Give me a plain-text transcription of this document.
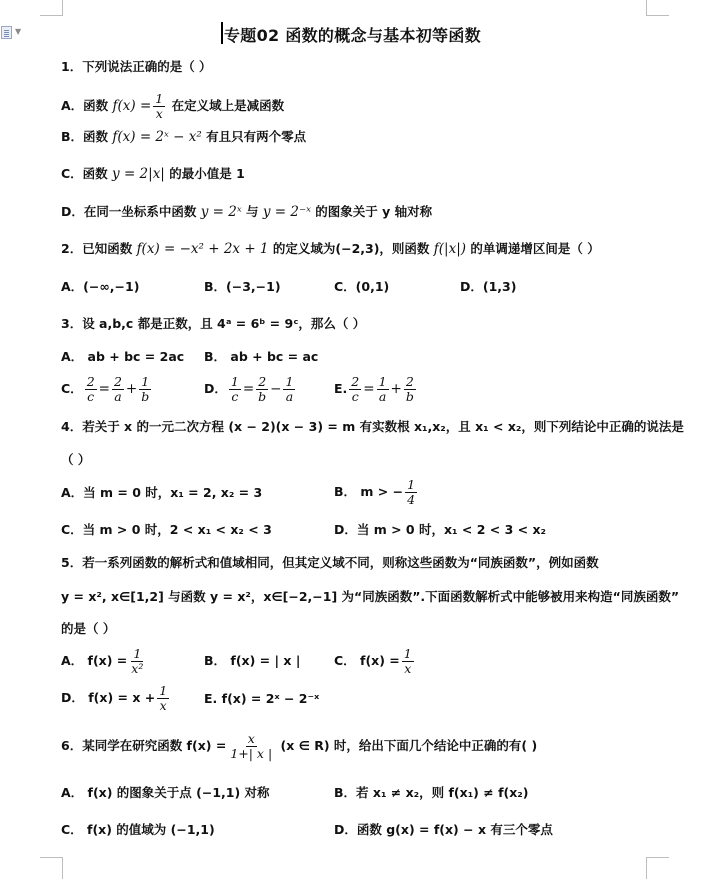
▼	专题02 函数的概念与基本初等函数
1．下列说法正确的是（ ）
A．函数 $f(x) = \frac{1}{x}$ 在定义域上是减函数
B．函数 f(x) = 2ˣ − x² 有且只有两个零点
C．函数 y = 2|x| 的最小值是 1
D．在同一坐标系中函数 y = 2ˣ 与 y = 2⁻ˣ 的图象关于 y 轴对称
2．已知函数 f(x) = −x² + 2x + 1 的定义域为(−2,3)，则函数 f(|x|) 的单调递增区间是（ ）
A．(−∞,−1)	B．(−3,−1)	C．(0,1)	D．(1,3)
3．设 a,b,c 都是正数，且 4ᵃ = 6ᵇ = 9ᶜ，那么（ ）
A． ab + bc = 2ac B． ab + bc = ac
C． $\frac{2}{c} = \frac{2}{a} + \frac{1}{b}$	D． $\frac{1}{c} = \frac{2}{b} - \frac{1}{a}$	E. $\frac{2}{c} = \frac{1}{a} + \frac{2}{b}$
4．若关于 x 的一元二次方程 (x − 2)(x − 3) = m 有实数根 x₁,x₂，且 x₁ < x₂，则下列结论中正确的说法是
（ ）
A．当 m = 0 时，x₁ = 2, x₂ = 3	B． m > − $\frac{1}{4}$
C．当 m > 0 时，2 < x₁ < x₂ < 3	D．当 m > 0 时，x₁ < 2 < 3 < x₂
5．若一系列函数的解析式和值域相同，但其定义域不同，则称这些函数为“同族函数”，例如函数
y = x², x∈[1,2] 与函数 y = x²，x∈[−2,−1] 为“同族函数”.下面函数解析式中能够被用来构造“同族函数”
的是（ ）
A． $f(x) = \frac{1}{\text{x²}}$	B． f(x) = | x |	C． $f(x) = \frac{1}{x}$
D． $f(x) = x + \frac{1}{x}$	E. f(x) = 2ˣ − 2⁻ˣ
6．某同学在研究函数 $f(x) = \frac{x}{1+| x |} (x$ ∈ R) 时，给出下面几个结论中正确的有( )
A． f(x) 的图象关于点 (−1,1) 对称	B．若 x₁ ≠ x₂，则 f(x₁) ≠ f(x₂)
C． f(x) 的值域为 (−1,1)	D．函数 g(x) = f(x) − x 有三个零点
